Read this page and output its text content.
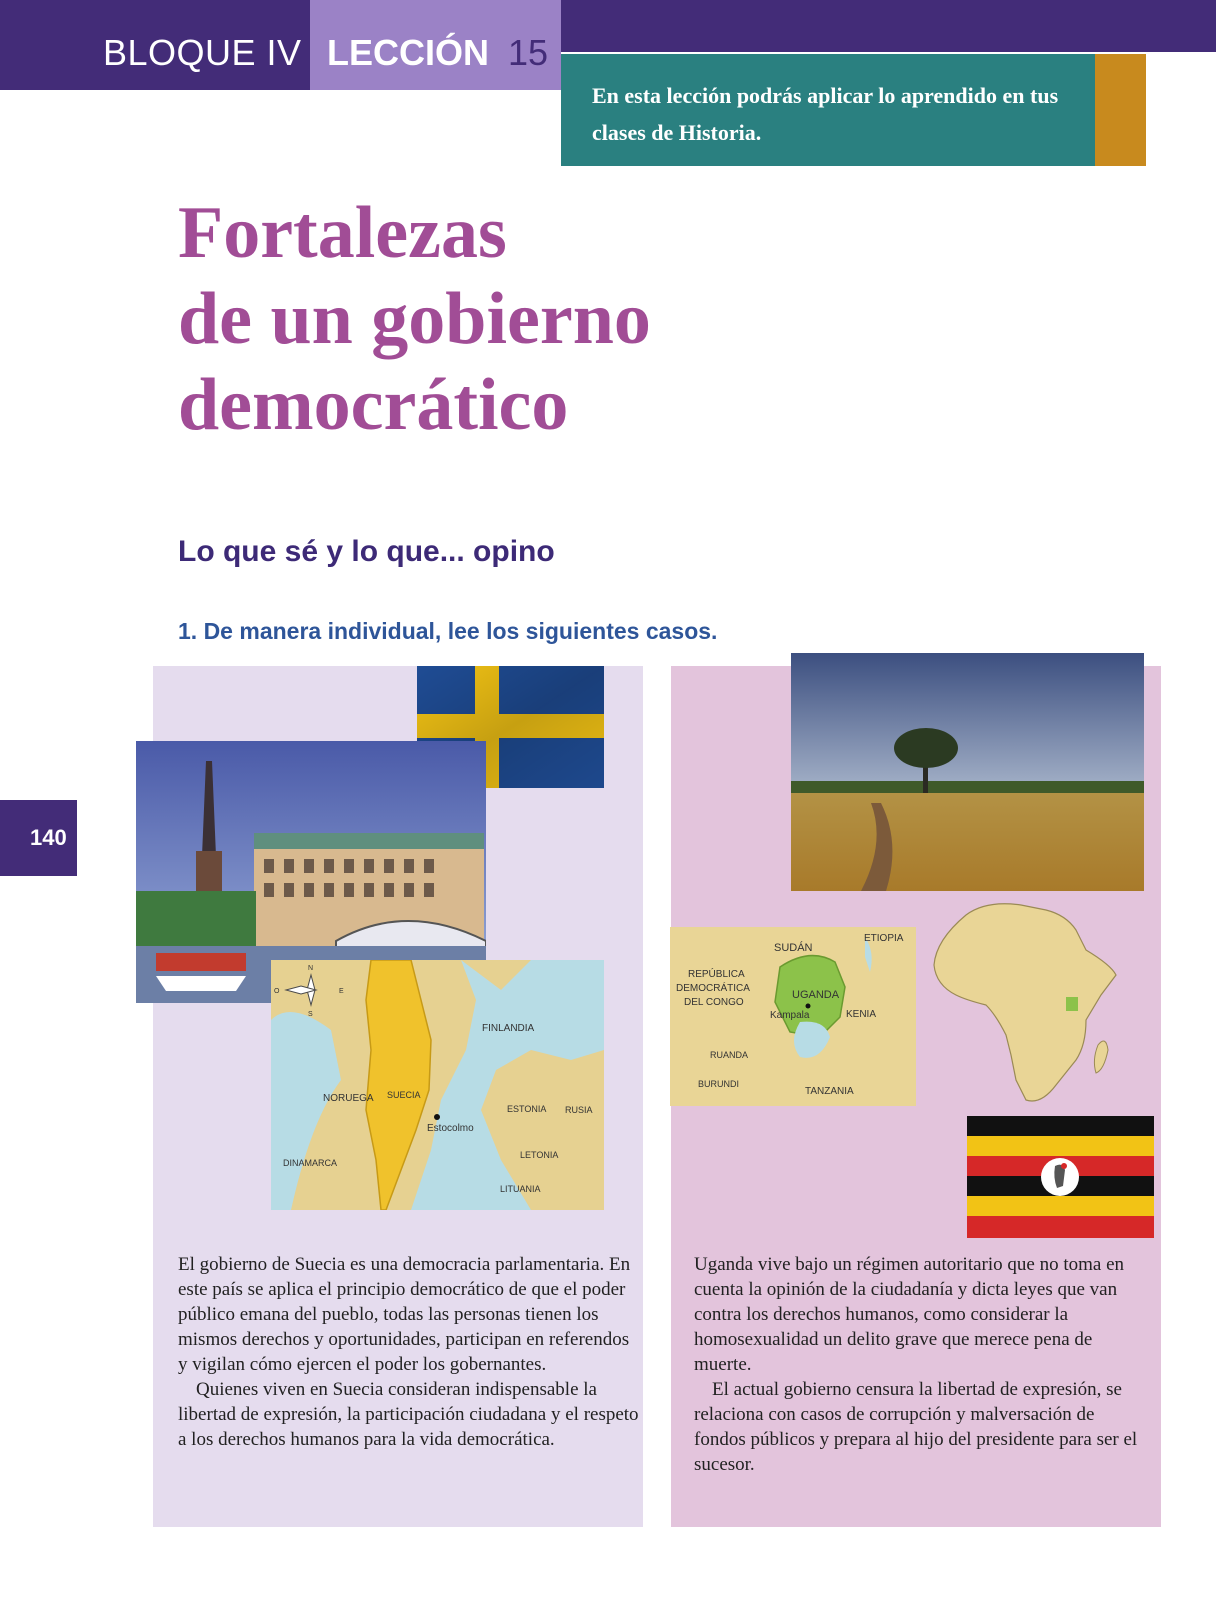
BLOQUE IV LECCIÓN 15
En esta lección podrás aplicar lo aprendido en tus clases de Historia.
Fortalezas
de un gobierno
democrático
Lo que sé y lo que... opino
1. De manera individual, lee los siguientes casos.
140
N
S
O	E
FINLANDIA
NORUEGA SUECIA
Estocolmo
ESTONIA RUSIA
LETONIA
LITUANIA
DINAMARCA
SUDÁN
ETIOPIA
REPÚBLICA
DEMOCRÁTICA
DEL CONGO
UGANDA
Kampala	KENIA
RUANDA
BURUNDI
TANZANIA

El gobierno de Suecia es una democracia parlamentaria. En este país se aplica el principio democrático de que el poder público emana del pueblo, todas las personas tienen los mismos derechos y oportunidades, participan en referendos y vigilan cómo ejercen el poder los gobernantes.

Quienes viven en Suecia consideran indispensable la libertad de expresión, la participación ciudadana y el respeto a los derechos humanos para la vida democrática.

Uganda vive bajo un régimen autoritario que no toma en cuenta la opinión de la ciudadanía y dicta leyes que van contra los derechos humanos, como considerar la homosexualidad un delito grave que merece pena de muerte.

El actual gobierno censura la libertad de expresión, se relaciona con casos de corrupción y malversación de fondos públicos y prepara al hijo del presidente para ser el sucesor.
